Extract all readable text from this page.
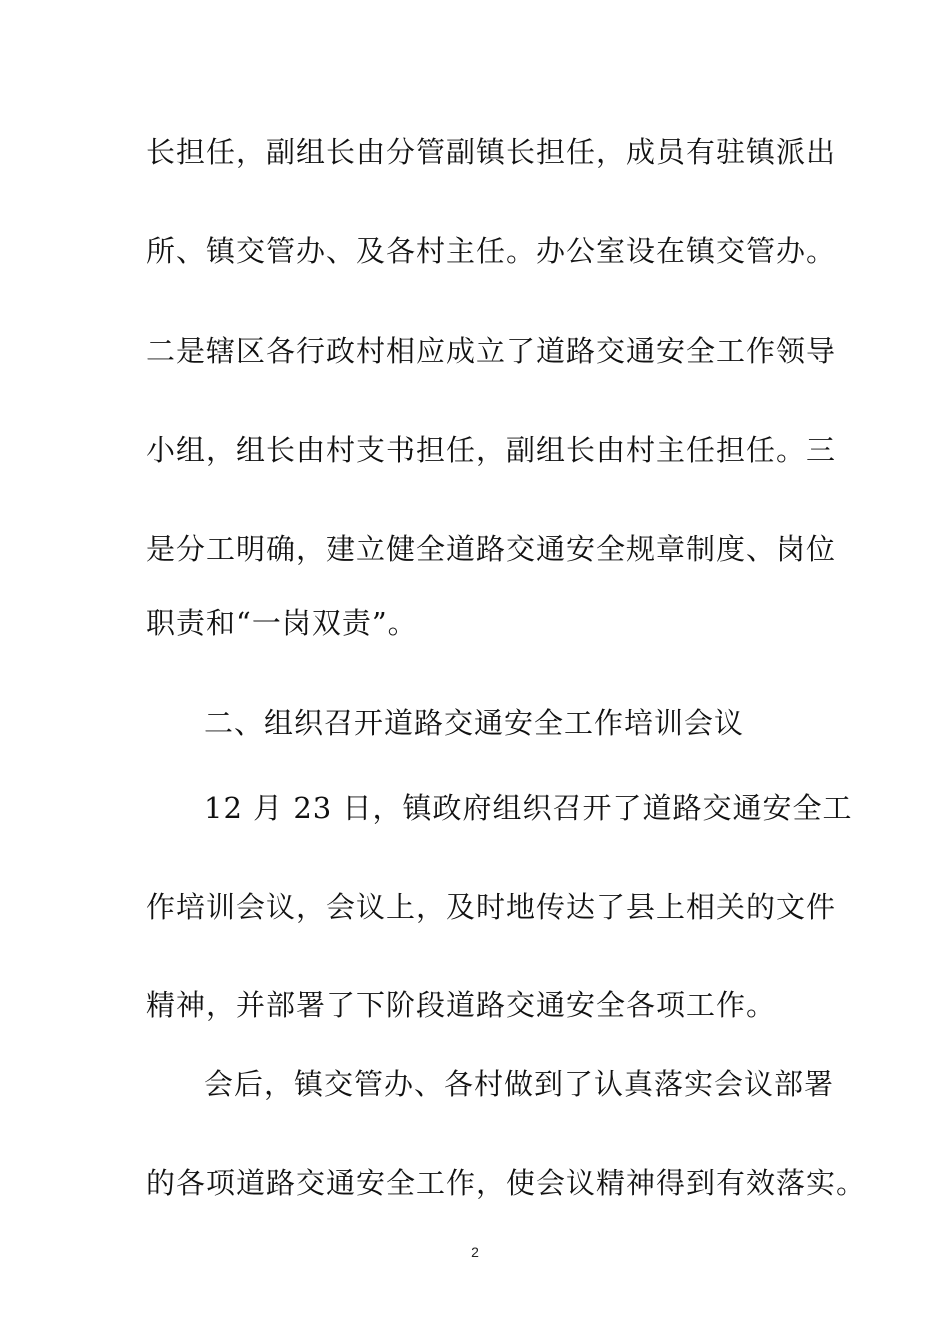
长担任，副组长由分管副镇长担任，成员有驻镇派出
所、镇交管办、及各村主任。办公室设在镇交管办。
二是辖区各行政村相应成立了道路交通安全工作领导
小组，组长由村支书担任，副组长由村主任担任。三
是分工明确，建立健全道路交通安全规章制度、岗位
职责和“一岗双责”。
二、组织召开道路交通安全工作培训会议
12 月 23 日，镇政府组织召开了道路交通安全工
作培训会议，会议上，及时地传达了县上相关的文件
精神，并部署了下阶段道路交通安全各项工作。
会后，镇交管办、各村做到了认真落实会议部署
的各项道路交通安全工作，使会议精神得到有效落实。
2
